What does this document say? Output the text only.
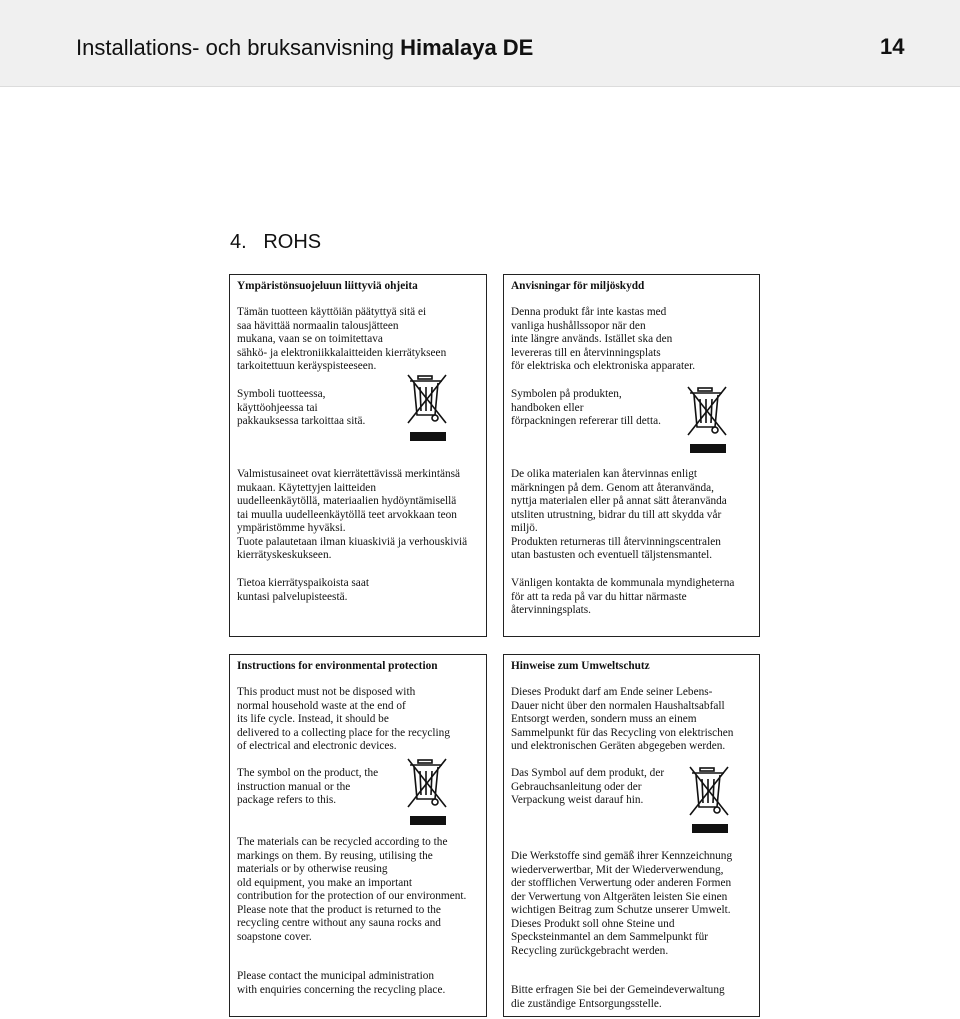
Installations- och bruksanvisning Himalaya DE	14
4.   ROHS
Ympäristönsuojeluun liittyviä ohjeita
Tämän tuotteen käyttöiän päätyttyä sitä ei
saa hävittää normaalin talousjätteen
mukana, vaan se on toimitettava
sähkö- ja elektroniikkalaitteiden kierrätykseen
tarkoitettuun keräyspisteeseen.
Symboli tuotteessa,
käyttöohjeessa tai
pakkauksessa tarkoittaa sitä.
Valmistusaineet ovat kierrätettävissä merkintänsä
mukaan. Käytettyjen laitteiden
uudelleenkäytöllä, materiaalien hydöyntämisellä
tai muulla uudelleenkäytöllä teet arvokkaan teon
ympäristömme hyväksi.
Tuote palautetaan ilman kiuaskiviä ja verhouskiviä
kierrätyskeskukseen.
Tietoa kierrätyspaikoista saat
kuntasi palvelupisteestä.
Anvisningar för miljöskydd
Denna produkt får inte kastas med
vanliga hushållssopor när den
inte längre används. Istället ska den
levereras till en återvinningsplats
för elektriska och elektroniska apparater.
Symbolen på produkten,
handboken eller
förpackningen refererar till detta.
De olika materialen kan återvinnas enligt
märkningen på dem. Genom att återanvända,
nyttja materialen eller på annat sätt återanvända
utsliten utrustning, bidrar du till att skydda vår
miljö.
Produkten returneras till återvinningscentralen
utan bastusten och eventuell täljstensmantel.
Vänligen kontakta de kommunala myndigheterna
för att ta reda på var du hittar närmaste
återvinningsplats.
Instructions for environmental protection
This product must not be disposed with
normal household waste at the end of
its life cycle. Instead, it should be
delivered to a collecting place for the recycling
of electrical and electronic devices.
The symbol on the product, the
instruction manual or the
package refers to this.
The materials can be recycled according to the
markings on them. By reusing, utilising the
materials or by otherwise reusing
old equipment, you make an important
contribution for the protection of our environment.
Please note that the product is returned to the
recycling centre without any sauna rocks and
soapstone cover.
Please contact the municipal administration
with enquiries concerning the recycling place.
Hinweise zum Umweltschutz
Dieses Produkt darf am Ende seiner Lebens-
Dauer nicht über den normalen Haushaltsabfall
Entsorgt werden, sondern muss an einem
Sammelpunkt für das Recycling von elektrischen
und elektronischen Geräten abgegeben werden.
Das Symbol auf dem produkt, der
Gebrauchsanleitung oder der
Verpackung weist darauf hin.
Die Werkstoffe sind gemäß ihrer Kennzeichnung
wiederverwertbar, Mit der Wiederverwendung,
der stofflichen Verwertung oder anderen Formen
der Verwertung von Altgeräten leisten Sie einen
wichtigen Beitrag zum Schutze unserer Umwelt.
Dieses Produkt soll ohne Steine und
Specksteinmantel an dem Sammelpunkt für
Recycling zurückgebracht werden.
Bitte erfragen Sie bei der Gemeindeverwaltung
die zuständige Entsorgungsstelle.
